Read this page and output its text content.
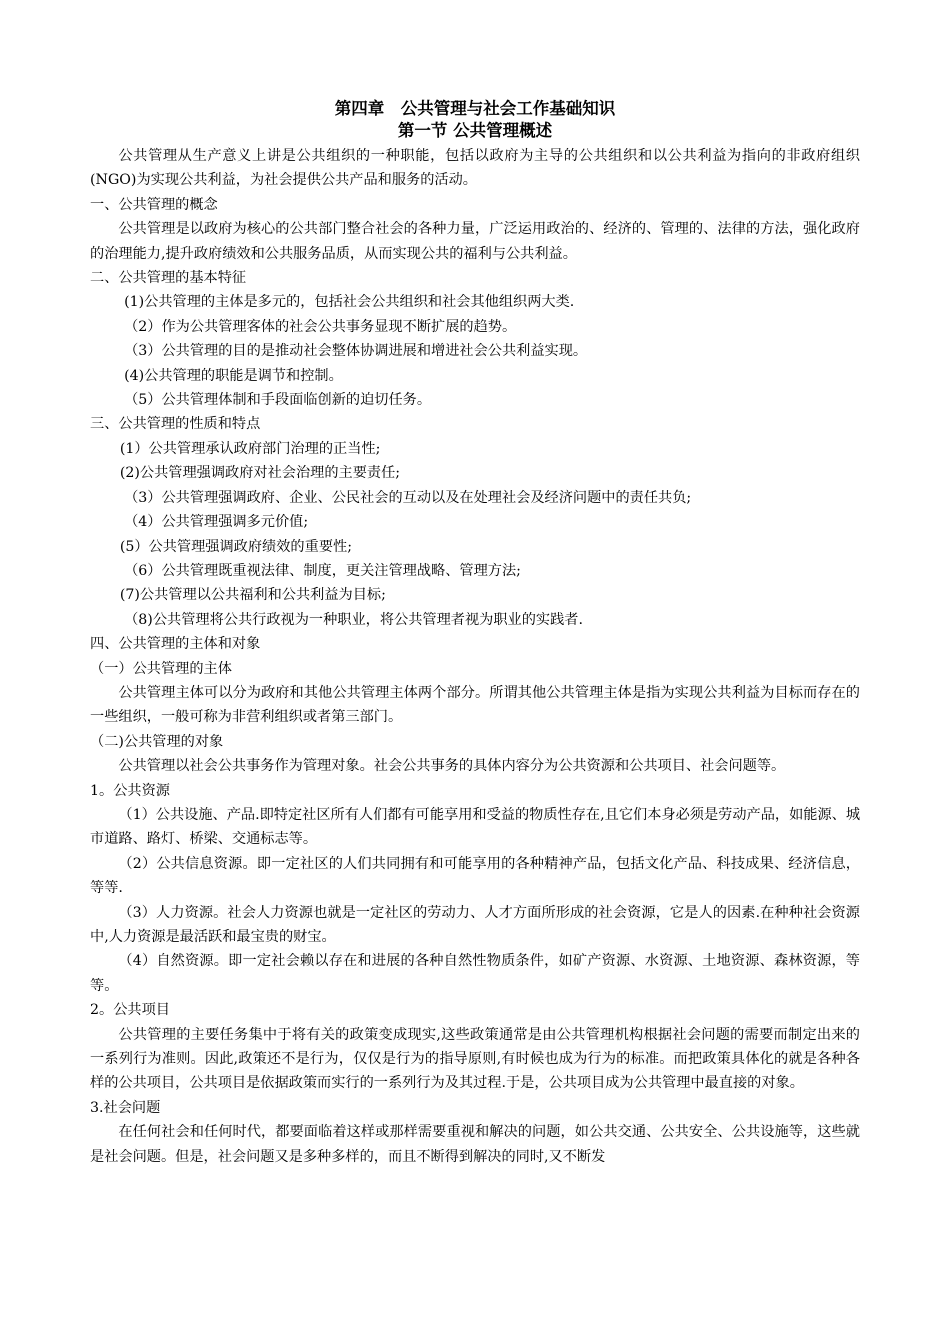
第四章　公共管理与社会工作基础知识

第一节 公共管理概述

公共管理从生产意义上讲是公共组织的一种职能，包括以政府为主导的公共组织和以公共利益为指向的非政府组织(NGO)为实现公共利益，为社会提供公共产品和服务的活动。

一、公共管理的概念

公共管理是以政府为核心的公共部门整合社会的各种力量，广泛运用政治的、经济的、管理的、法律的方法，强化政府的治理能力,提升政府绩效和公共服务品质，从而实现公共的福利与公共利益。

二、公共管理的基本特征

(1)公共管理的主体是多元的，包括社会公共组织和社会其他组织两大类.

（2）作为公共管理客体的社会公共事务显现不断扩展的趋势。

（3）公共管理的目的是推动社会整体协调进展和增进社会公共利益实现。

(4)公共管理的职能是调节和控制。

（5）公共管理体制和手段面临创新的迫切任务。

三、公共管理的性质和特点

(1）公共管理承认政府部门治理的正当性;

(2)公共管理强调政府对社会治理的主要责任;

（3）公共管理强调政府、企业、公民社会的互动以及在处理社会及经济问题中的责任共负;

（4）公共管理强调多元价值;

(5）公共管理强调政府绩效的重要性;

（6）公共管理既重视法律、制度，更关注管理战略、管理方法;

(7)公共管理以公共福利和公共利益为目标;

（8)公共管理将公共行政视为一种职业，将公共管理者视为职业的实践者.

四、公共管理的主体和对象

（一）公共管理的主体

公共管理主体可以分为政府和其他公共管理主体两个部分。所谓其他公共管理主体是指为实现公共利益为目标而存在的一些组织，一般可称为非营利组织或者第三部门。

（二)公共管理的对象

公共管理以社会公共事务作为管理对象。社会公共事务的具体内容分为公共资源和公共项目、社会问题等。

1。公共资源

（1）公共设施、产品.即特定社区所有人们都有可能享用和受益的物质性存在,且它们本身必须是劳动产品，如能源、城市道路、路灯、桥梁、交通标志等。

（2）公共信息资源。即一定社区的人们共同拥有和可能享用的各种精神产品，包括文化产品、科技成果、经济信息，等等.

（3）人力资源。社会人力资源也就是一定社区的劳动力、人才方面所形成的社会资源，它是人的因素.在种种社会资源中,人力资源是最活跃和最宝贵的财宝。

（4）自然资源。即一定社会赖以存在和进展的各种自然性物质条件，如矿产资源、水资源、土地资源、森林资源，等等。

2。公共项目

公共管理的主要任务集中于将有关的政策变成现实,这些政策通常是由公共管理机构根据社会问题的需要而制定出来的一系列行为准则。因此,政策还不是行为，仅仅是行为的指导原则,有时候也成为行为的标准。而把政策具体化的就是各种各样的公共项目，公共项目是依据政策而实行的一系列行为及其过程.于是，公共项目成为公共管理中最直接的对象。

3.社会问题

在任何社会和任何时代，都要面临着这样或那样需要重视和解决的问题，如公共交通、公共安全、公共设施等，这些就是社会问题。但是，社会问题又是多种多样的，而且不断得到解决的同时,又不断发
